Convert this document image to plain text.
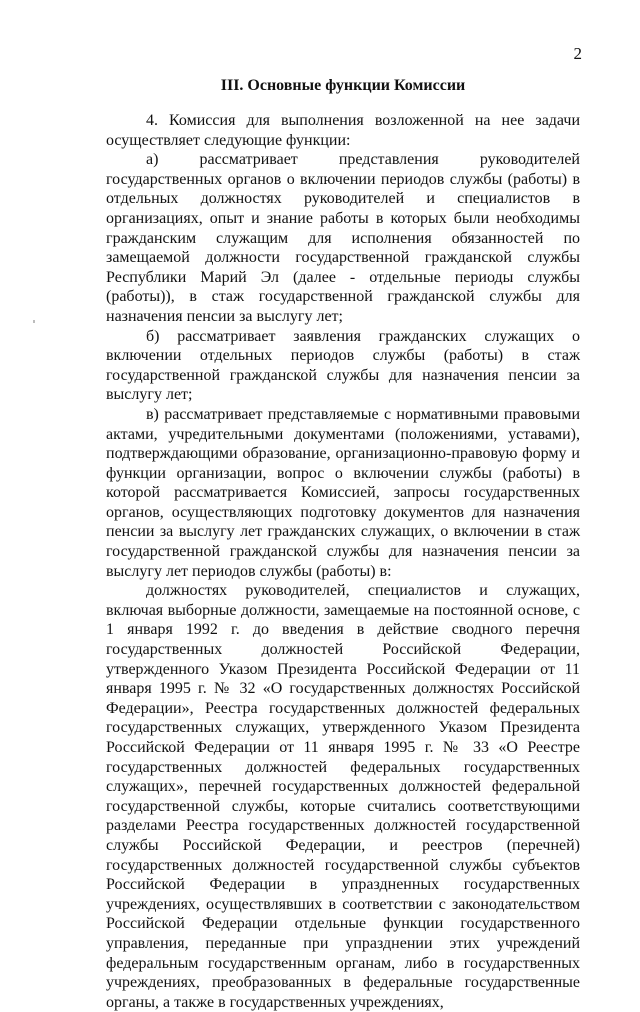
2
III. Основные функции Комиссии

4. Комиссия для выполнения возложенной на нее задачи осуществляет следующие функции:

а) рассматривает представления руководителей государственных органов о включении периодов службы (работы) в отдельных должностях руководителей и специалистов в организациях, опыт и знание работы в которых были необходимы гражданским служащим для исполнения обязанностей по замещаемой должности государственной гражданской службы Республики Марий Эл (далее - отдельные периоды службы (работы)), в стаж государственной гражданской службы для назначения пенсии за выслугу лет;

б) рассматривает заявления гражданских служащих о включении отдельных периодов службы (работы) в стаж государственной гражданской службы для назначения пенсии за выслугу лет;

в) рассматривает представляемые с нормативными правовыми актами, учредительными документами (положениями, уставами), подтверждающими образование, организационно-правовую форму и функции организации, вопрос о включении службы (работы) в которой рассматривается Комиссией, запросы государственных органов, осуществляющих подготовку документов для назначения пенсии за выслугу лет гражданских служащих, о включении в стаж государственной гражданской службы для назначения пенсии за выслугу лет периодов службы (работы) в:

должностях руководителей, специалистов и служащих, включая выборные должности, замещаемые на постоянной основе, с 1 января 1992 г. до введения в действие сводного перечня государственных должностей Российской Федерации, утвержденного Указом Президента Российской Федерации от 11 января 1995 г. № 32 «О государственных должностях Российской Федерации», Реестра государственных должностей федеральных государственных служащих, утвержденного Указом Президента Российской Федерации от 11 января 1995 г. № 33 «О Реестре государственных должностей федеральных государственных служащих», перечней государственных должностей федеральной государственной службы, которые считались соответствующими разделами Реестра государственных должностей государственной службы Российской Федерации, и реестров (перечней) государственных должностей государственной службы субъектов Российской Федерации в упраздненных государственных учреждениях, осуществлявших в соответствии с законодательством Российской Федерации отдельные функции государственного управления, переданные при упразднении этих учреждений федеральным государственным органам, либо в государственных учреждениях, преобразованных в федеральные государственные органы, а также в государственных учреждениях,
